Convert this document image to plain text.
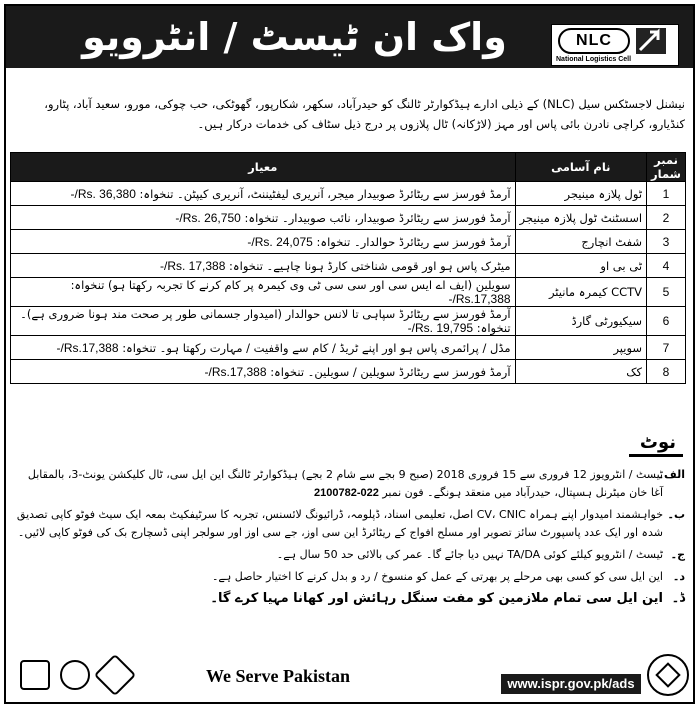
واک ان ٹیسٹ / انٹرویو	NLC
National Logistics Cell
نیشنل لاجسٹکس سیل (NLC) کے ذیلی ادارے ہیڈکوارٹر ٹالنگ کو حیدرآباد، سکھر، شکارپور، گھوٹکی، حب چوکی، مورو، سعید آباد، پٹارو، کنڈیارو، کراچی نادرن بائی پاس اور مہز (لاڑکانہ) ٹال پلازوں پر درج ذیل سٹاف کی خدمات درکار ہیں۔
نمبر شمار	نام آسامی	معیار
1	ٹول پلازہ مینیجر	آرمڈ فورسز سے ریٹائرڈ صوبیدار میجر، آنریری لیفٹیننٹ، آنریری کیپٹن۔ تنخواہ: Rs. 36,380/-
2	اسسٹنٹ ٹول پلازہ مینیجر	آرمڈ فورسز سے ریٹائرڈ صوبیدار، نائب صوبیدار۔ تنخواہ: Rs. 26,750/-
3	شفٹ انچارج	آرمڈ فورسز سے ریٹائرڈ حوالدار۔ تنخواہ: Rs. 24,075/-
4	ٹی بی او	میٹرک پاس ہو اور قومی شناختی کارڈ ہونا چاہیے۔ تنخواہ: Rs. 17,388/-
5	CCTV کیمرہ مانیٹر	سویلین (ایف اے ایس سی اور سی سی ٹی وی کیمرہ پر کام کرنے کا تجربہ رکھتا ہو) تنخواہ: Rs.17,388/-
6	سیکیورٹی گارڈ	آرمڈ فورسز سے ریٹائرڈ سپاہی تا لانس حوالدار (امیدوار جسمانی طور پر صحت مند ہونا ضروری ہے)۔ تنخواہ: Rs. 19,795/-
7	سویپر	مڈل / پرائمری پاس ہو اور اپنے ٹریڈ / کام سے واقفیت / مہارت رکھتا ہو۔ تنخواہ: Rs.17,388/-
8	کک	آرمڈ فورسز سے ریٹائرڈ سویلین / سویلین۔ تنخواہ: Rs.17,388/-
نوٹ
الف۔
ٹیسٹ / انٹرویوز 12 فروری سے 15 فروری 2018 (صبح 9 بجے سے شام 2 بجے) ہیڈکوارٹر ٹالنگ این ایل سی، ٹال کلیکشن یونٹ-3، بالمقابل آغا خان میٹرنل ہسپتال، حیدرآباد میں منعقد ہونگے۔ فون نمبر 022-2100782
ب۔
خواہشمند امیدوار اپنے ہمراہ CV، CNIC اصل، تعلیمی اسناد، ڈپلومہ، ڈرائیونگ لائسنس، تجربہ کا سرٹیفکیٹ بمعہ ایک سیٹ فوٹو کاپی تصدیق شدہ اور ایک عدد پاسپورٹ سائز تصویر اور مسلح افواج کے ریٹائرڈ این سی اوز، جے سی اوز اور سولجر اپنی ڈسچارج بک کی فوٹو کاپی لائیں۔
ج۔
ٹیسٹ / انٹرویو کیلئے کوئی TA/DA نہیں دیا جائے گا۔ عمر کی بالائی حد 50 سال ہے۔
د۔
این ایل سی کو کسی بھی مرحلے پر بھرتی کے عمل کو منسوخ / رد و بدل کرنے کا اختیار حاصل ہے۔
ڈ۔
این ایل سی تمام ملازمین کو مفت سنگل رہائش اور کھانا مہیا کرے گا۔
We Serve Pakistan	www.ispr.gov.pk/ads
